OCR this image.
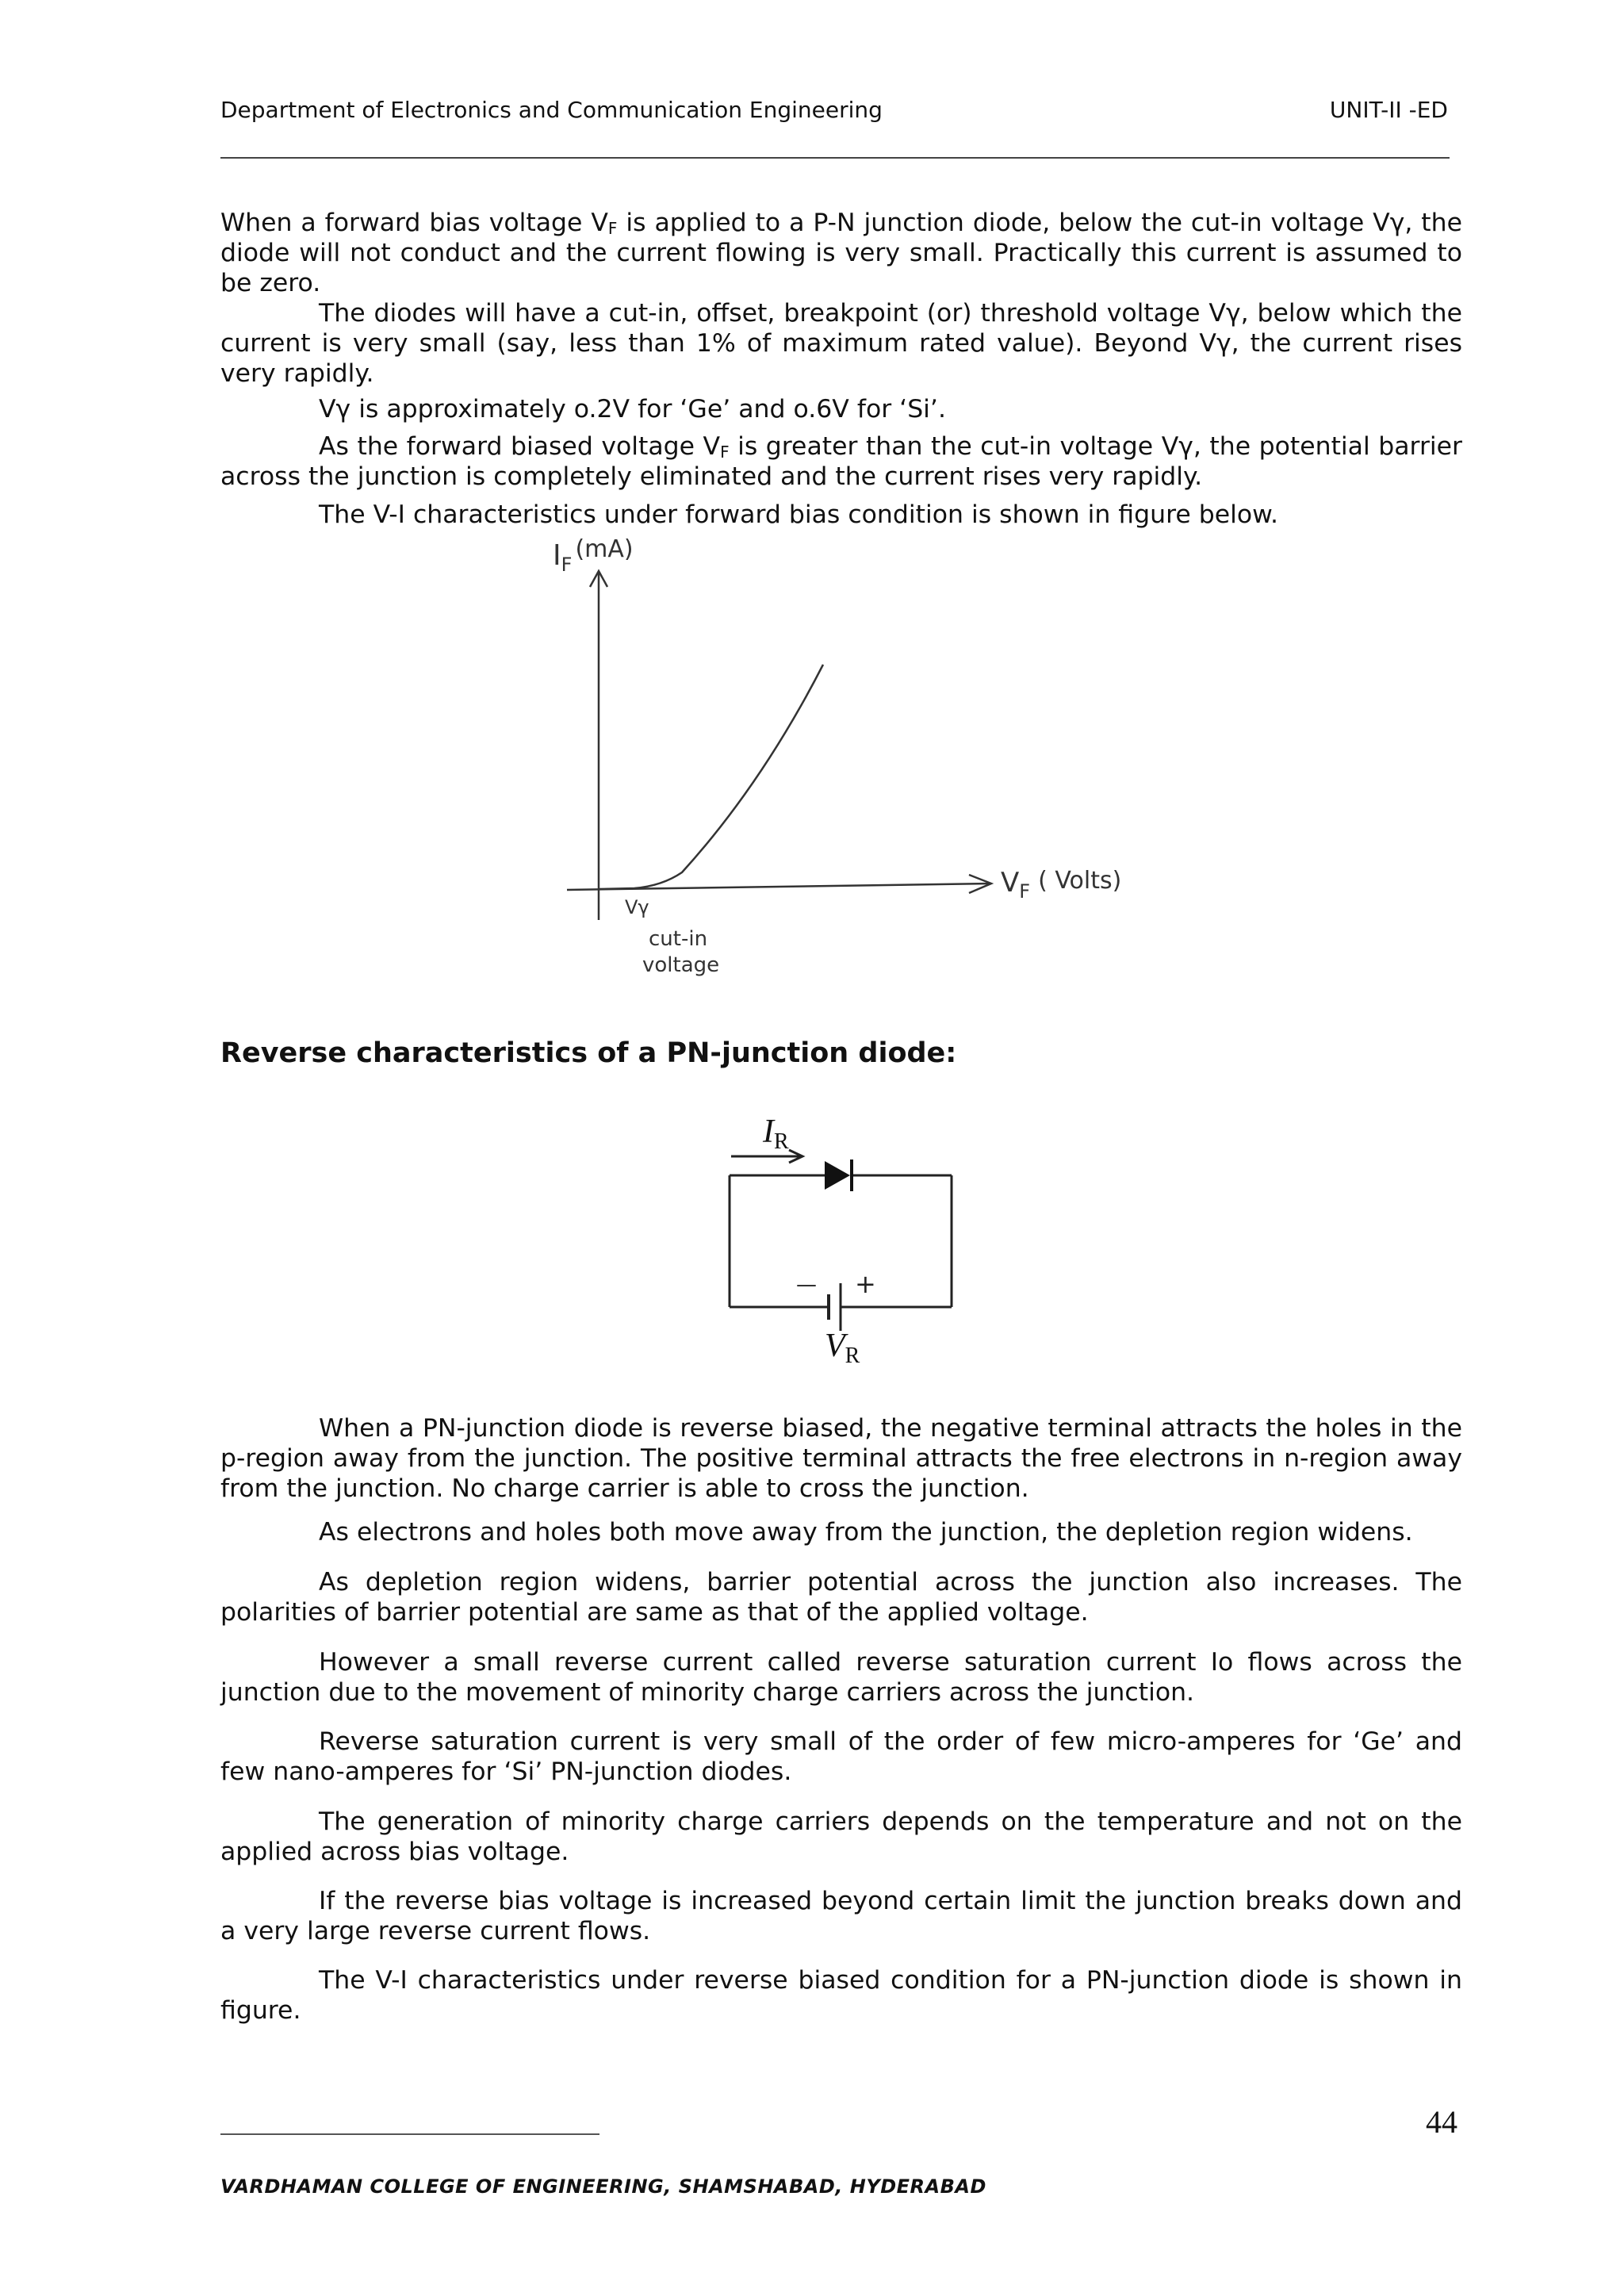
Department of Electronics and Communication Engineering	UNIT-II -ED

When a forward bias voltage $V_F$ is applied to a P-N junction diode, below the cut-in voltage Vγ, the diode will not conduct and the current flowing is very small. Practically this current is assumed to be zero.

The diodes will have a cut-in, offset, breakpoint (or) threshold voltage Vγ, below which the current is very small (say, less than 1% of maximum rated value). Beyond Vγ, the current rises very rapidly.

Vγ is approximately o.2V for ‘Ge’ and o.6V for ‘Si’.

As the forward biased voltage $V_F$ is greater than the cut-in voltage Vγ, the potential barrier across the junction is completely eliminated and the current rises very rapidly.

The V-I characteristics under forward bias condition is shown in figure below.

$I_F^{(mA)}$
$V_F$ ( Volts)
Vγ
cut-in
voltage
Reverse characteristics of a PN-junction diode:
IR
VR
— +

When a PN-junction diode is reverse biased, the negative terminal attracts the holes in the p-region away from the junction. The positive terminal attracts the free electrons in n-region away from the junction. No charge carrier is able to cross the junction.

As electrons and holes both move away from the junction, the depletion region widens.

As depletion region widens, barrier potential across the junction also increases. The polarities of barrier potential are same as that of the applied voltage.

However a small reverse current called reverse saturation current Io flows across the junction due to the movement of minority charge carriers across the junction.

Reverse saturation current is very small of the order of few micro-amperes for ‘Ge’ and few nano-amperes for ‘Si’ PN-junction diodes.

The generation of minority charge carriers depends on the temperature and not on the applied across bias voltage.

If the reverse bias voltage is increased beyond certain limit the junction breaks down and a very large reverse current flows.

The V-I characteristics under reverse biased condition for a PN-junction diode is shown in figure.

44
VARDHAMAN COLLEGE OF ENGINEERING, SHAMSHABAD, HYDERABAD
